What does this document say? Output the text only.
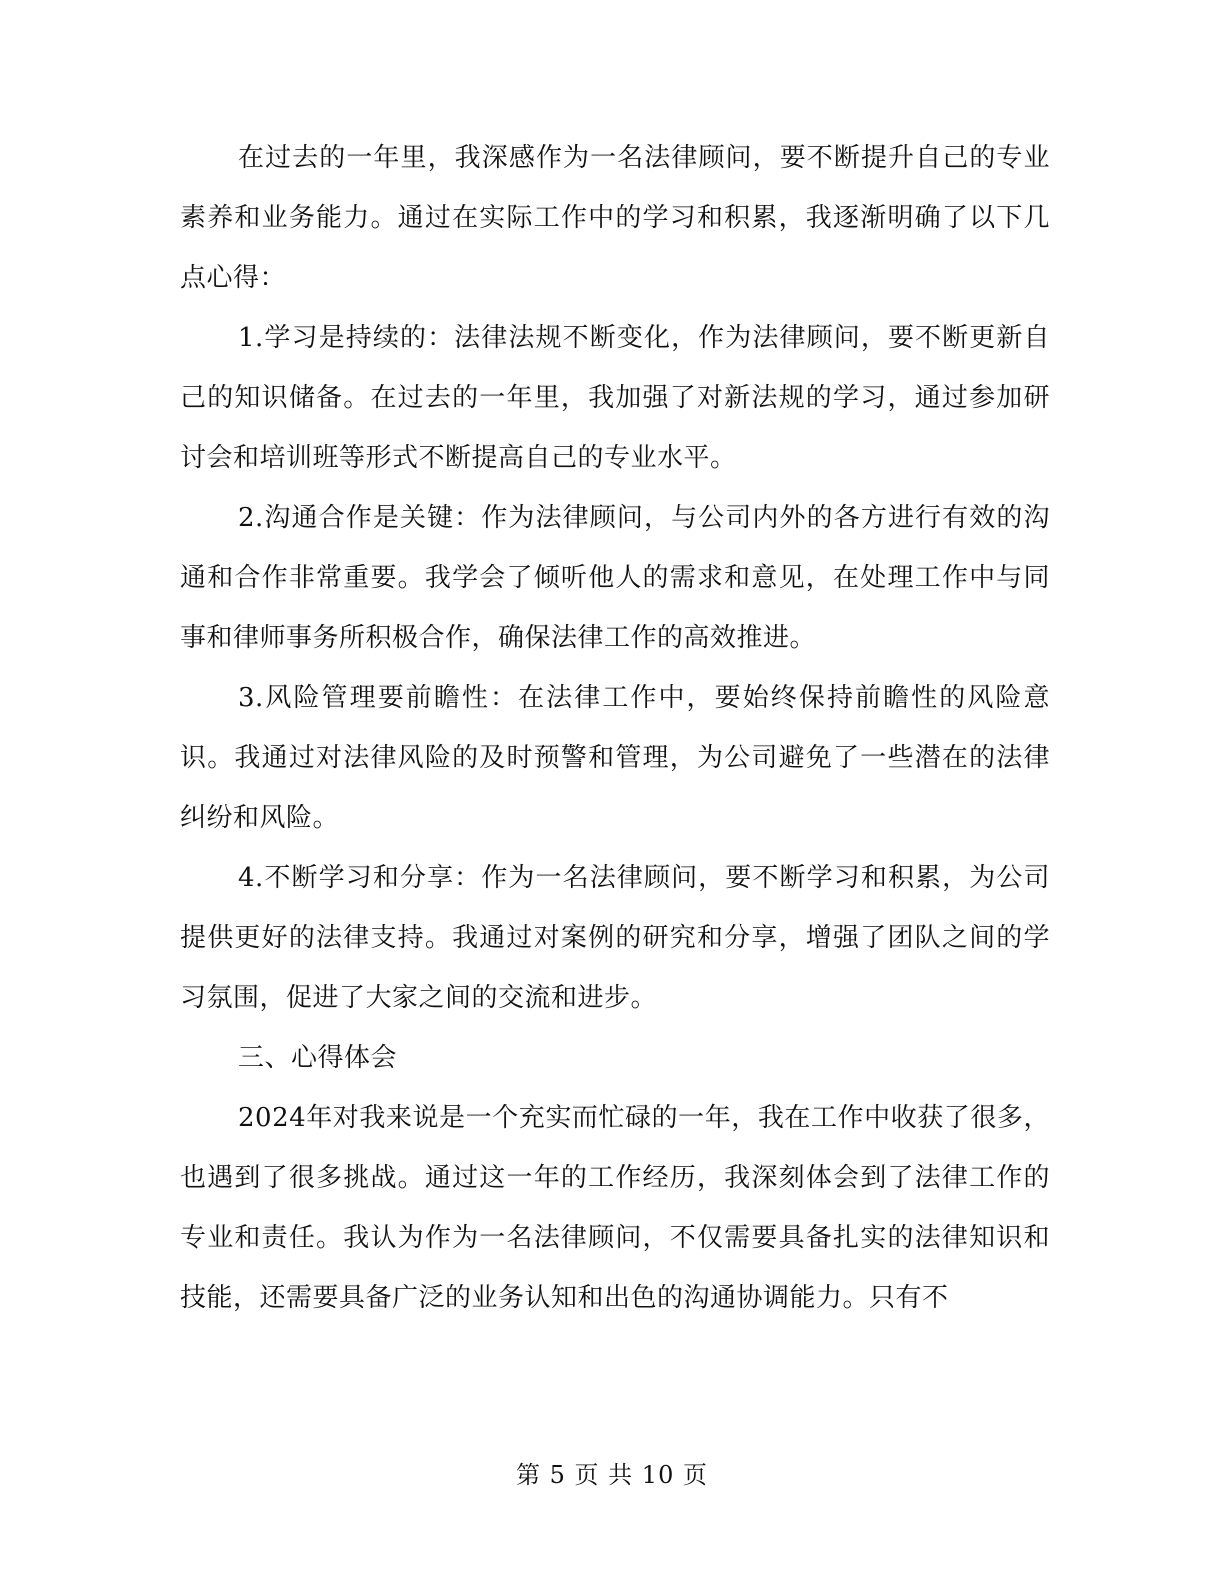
在过去的一年里，我深感作为一名法律顾问，要不断提升自己的专业素养和业务能力。通过在实际工作中的学习和积累，我逐渐明确了以下几点心得：

1.学习是持续的：法律法规不断变化，作为法律顾问，要不断更新自己的知识储备。在过去的一年里，我加强了对新法规的学习，通过参加研讨会和培训班等形式不断提高自己的专业水平。

2.沟通合作是关键：作为法律顾问，与公司内外的各方进行有效的沟通和合作非常重要。我学会了倾听他人的需求和意见，在处理工作中与同事和律师事务所积极合作，确保法律工作的高效推进。

3.风险管理要前瞻性：在法律工作中，要始终保持前瞻性的风险意识。我通过对法律风险的及时预警和管理，为公司避免了一些潜在的法律纠纷和风险。

4.不断学习和分享：作为一名法律顾问，要不断学习和积累，为公司提供更好的法律支持。我通过对案例的研究和分享，增强了团队之间的学习氛围，促进了大家之间的交流和进步。

三、心得体会

2024年对我来说是一个充实而忙碌的一年，我在工作中收获了很多，也遇到了很多挑战。通过这一年的工作经历，我深刻体会到了法律工作的专业和责任。我认为作为一名法律顾问，不仅需要具备扎实的法律知识和技能，还需要具备广泛的业务认知和出色的沟通协调能力。只有不

第 5 页 共 10 页
